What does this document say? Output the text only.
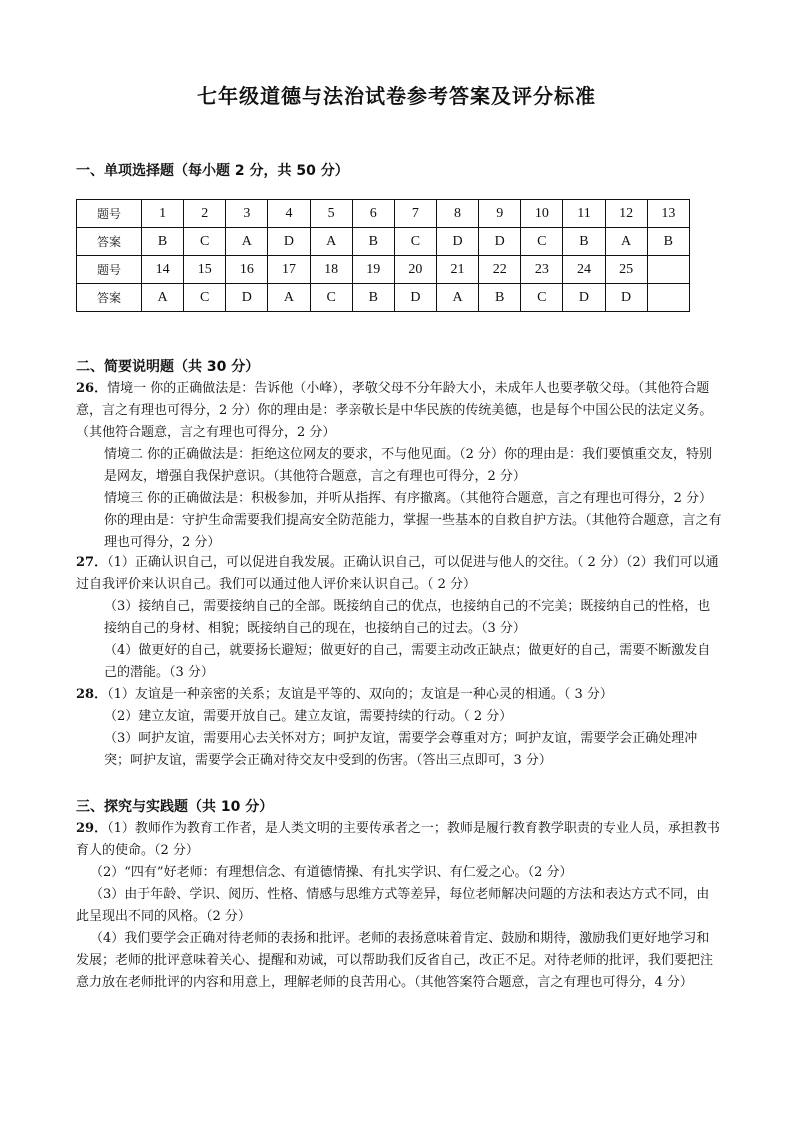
七年级道德与法治试卷参考答案及评分标准
一、单项选择题（每小题 2 分，共 50 分）
题号	1	2	3	4	5	6	7	8	9	10	11	12	13
答案	B	C	A	D	A	B	C	D	D	C	B	A	B
题号	14	15	16	17	18	19	20	21	22	23	24	25	
答案	A	C	D	A	C	B	D	A	B	C	D	D	
二、简要说明题（共 30 分）

26．情境一 你的正确做法是：告诉他（小峰），孝敬父母不分年龄大小，未成年人也要孝敬父母。（其他符合题意，言之有理也可得分，2 分）你的理由是：孝亲敬长是中华民族的传统美德，也是每个中国公民的法定义务。（其他符合题意，言之有理也可得分，2 分）

情境二 你的正确做法是：拒绝这位网友的要求，不与他见面。（2 分）你的理由是：我们要慎重交友，特别是网友，增强自我保护意识。（其他符合题意，言之有理也可得分，2 分）

情境三 你的正确做法是：积极参加，并听从指挥、有序撤离。（其他符合题意，言之有理也可得分，2 分）你的理由是：守护生命需要我们提高安全防范能力，掌握一些基本的自救自护方法。（其他符合题意，言之有理也可得分，2 分）

27．（1）正确认识自己，可以促进自我发展。正确认识自己，可以促进与他人的交往。（ 2 分）（2）我们可以通过自我评价来认识自己。我们可以通过他人评价来认识自己。（ 2 分）

（3）接纳自己，需要接纳自己的全部。既接纳自己的优点，也接纳自己的不完美；既接纳自己的性格，也接纳自己的身材、相貌；既接纳自己的现在，也接纳自己的过去。（3 分）

（4）做更好的自己，就要扬长避短；做更好的自己，需要主动改正缺点；做更好的自己，需要不断激发自己的潜能。（3 分）

28．（1）友谊是一种亲密的关系；友谊是平等的、双向的；友谊是一种心灵的相通。（ 3 分）

（2）建立友谊，需要开放自己。建立友谊，需要持续的行动。（ 2 分）

（3）呵护友谊，需要用心去关怀对方；呵护友谊，需要学会尊重对方；呵护友谊，需要学会正确处理冲突；呵护友谊，需要学会正确对待交友中受到的伤害。（答出三点即可，3 分）

三、探究与实践题（共 10 分）

29．（1）教师作为教育工作者，是人类文明的主要传承者之一；教师是履行教育教学职责的专业人员，承担教书育人的使命。（2 分）

（2）“四有”好老师：有理想信念、有道德情操、有扎实学识、有仁爱之心。（2 分）

（3）由于年龄、学识、阅历、性格、情感与思维方式等差异，每位老师解决问题的方法和表达方式不同，由此呈现出不同的风格。（2 分）

（4）我们要学会正确对待老师的表扬和批评。老师的表扬意味着肯定、鼓励和期待，激励我们更好地学习和发展；老师的批评意味着关心、提醒和劝诫，可以帮助我们反省自己，改正不足。对待老师的批评，我们要把注意力放在老师批评的内容和用意上，理解老师的良苦用心。（其他答案符合题意，言之有理也可得分，4 分）
